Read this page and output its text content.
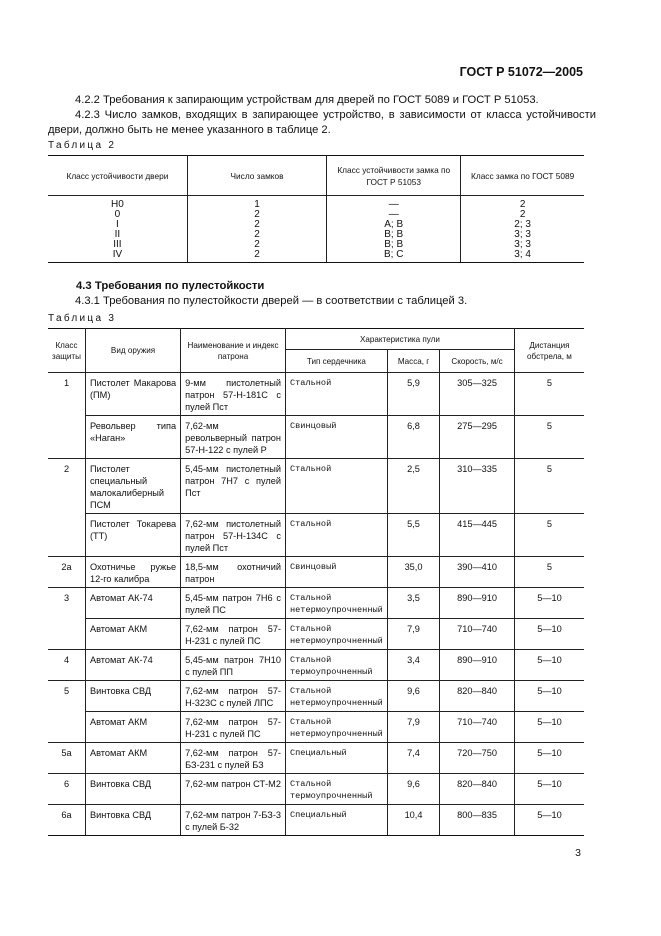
ГОСТ Р 51072—2005
4.2.2 Требования к запирающим устройствам для дверей по ГОСТ 5089 и ГОСТ Р 51053.
4.2.3 Число замков, входящих в запирающее устройство, в зависимости от класса устойчивости двери, должно быть не менее указанного в таблице 2.
Таблица 2
Класс устойчивости двери	Число замков	Класс устойчивости замка по ГОСТ Р 51053	Класс замка по ГОСТ 5089
Н0	1	—	2
0	2	—	2
I	2	А; В	2; 3
II	2	В; В	3; 3
III	2	В; В	3; 3
IV	2	В; С	3; 4
4.3 Требования по пулестойкости
4.3.1 Требования по пулестойкости дверей — в соответствии с таблицей 3.
Таблица 3
Класс защиты	Вид оружия	Наименование и индекс патрона	Характеристика пули			Дистанция обстрела, м
			Тип сердечника	Масса, г	Скорость, м/с	
1	Пистолет Макарова (ПМ)	9-мм пистолетный патрон 57-Н-181С с пулей Пст	Стальной	5,9	305—325	5
	Револьвер типа «Наган»	7,62-мм револьверный патрон 57-Н-122 с пулей Р	Свинцовый	6,8	275—295	5
2	Пистолет специальный малокалиберный ПСМ	5,45-мм пистолетный патрон 7Н7 с пулей Пст	Стальной	2,5	310—335	5
	Пистолет Токарева (ТТ)	7,62-мм пистолетный патрон 57-Н-134С с пулей Пст	Стальной	5,5	415—445	5
2а	Охотничье ружье 12-го калибра	18,5-мм охотничий патрон	Свинцовый	35,0	390—410	5
3	Автомат АК-74	5,45-мм патрон 7Н6 с пулей ПС	Стальной нетермоупрочненный	3,5	890—910	5—10
	Автомат АКМ	7,62-мм патрон 57-Н-231 с пулей ПС	Стальной нетермоупрочненный	7,9	710—740	5—10
4	Автомат АК-74	5,45-мм патрон 7Н10 с пулей ПП	Стальной термоупрочненный	3,4	890—910	5—10
5	Винтовка СВД	7,62-мм патрон 57-Н-323С с пулей ЛПС	Стальной нетермоупрочненный	9,6	820—840	5—10
	Автомат АКМ	7,62-мм патрон 57-Н-231 с пулей ПС	Стальной нетермоупрочненный	7,9	710—740	5—10
5а	Автомат АКМ	7,62-мм патрон 57-БЗ-231 с пулей БЗ	Специальный	7,4	720—750	5—10
6	Винтовка СВД	7,62-мм патрон СТ-М2	Стальной термоупрочненный	9,6	820—840	5—10
6а	Винтовка СВД	7,62-мм патрон 7-БЗ-3 с пулей Б-32	Специальный	10,4	800—835	5—10
3
